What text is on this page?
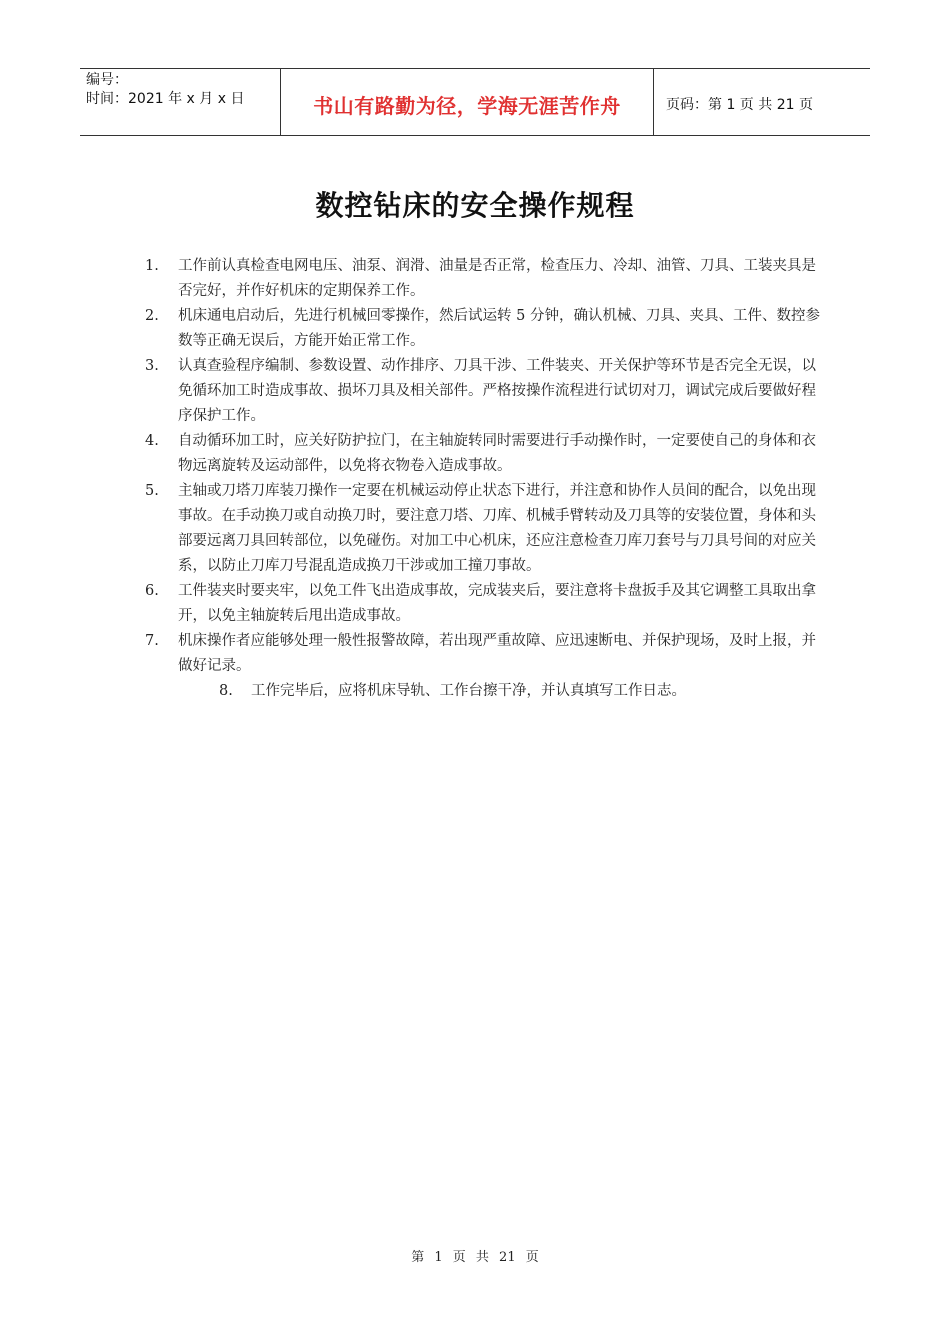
编号：
时间：2021 年 x 月 x 日	书山有路勤为径，学海无涯苦作舟	页码：第 1 页 共 21 页
数控钻床的安全操作规程
1.	工作前认真检查电网电压、油泵、润滑、油量是否正常，检查压力、冷却、油管、刀具、工装夹具是否完好，并作好机床的定期保养工作。
2.	机床通电启动后，先进行机械回零操作，然后试运转 5 分钟，确认机械、刀具、夹具、工件、数控参数等正确无误后，方能开始正常工作。
3.	认真查验程序编制、参数设置、动作排序、刀具干涉、工件装夹、开关保护等环节是否完全无误，以免循环加工时造成事故、损坏刀具及相关部件。严格按操作流程进行试切对刀，调试完成后要做好程序保护工作。
4.	自动循环加工时，应关好防护拉门，在主轴旋转同时需要进行手动操作时，一定要使自己的身体和衣物远离旋转及运动部件，以免将衣物卷入造成事故。
5.	主轴或刀塔刀库装刀操作一定要在机械运动停止状态下进行，并注意和协作人员间的配合，以免出现事故。在手动换刀或自动换刀时，要注意刀塔、刀库、机械手臂转动及刀具等的安装位置，身体和头部要远离刀具回转部位，以免碰伤。对加工中心机床，还应注意检查刀库刀套号与刀具号间的对应关系，以防止刀库刀号混乱造成换刀干涉或加工撞刀事故。
6.	工件装夹时要夹牢，以免工件飞出造成事故，完成装夹后，要注意将卡盘扳手及其它调整工具取出拿开，以免主轴旋转后甩出造成事故。
7.	机床操作者应能够处理一般性报警故障，若出现严重故障、应迅速断电、并保护现场，及时上报，并做好记录。
8.	工作完毕后，应将机床导轨、工作台擦干净，并认真填写工作日志。
第 1 页 共 21 页
